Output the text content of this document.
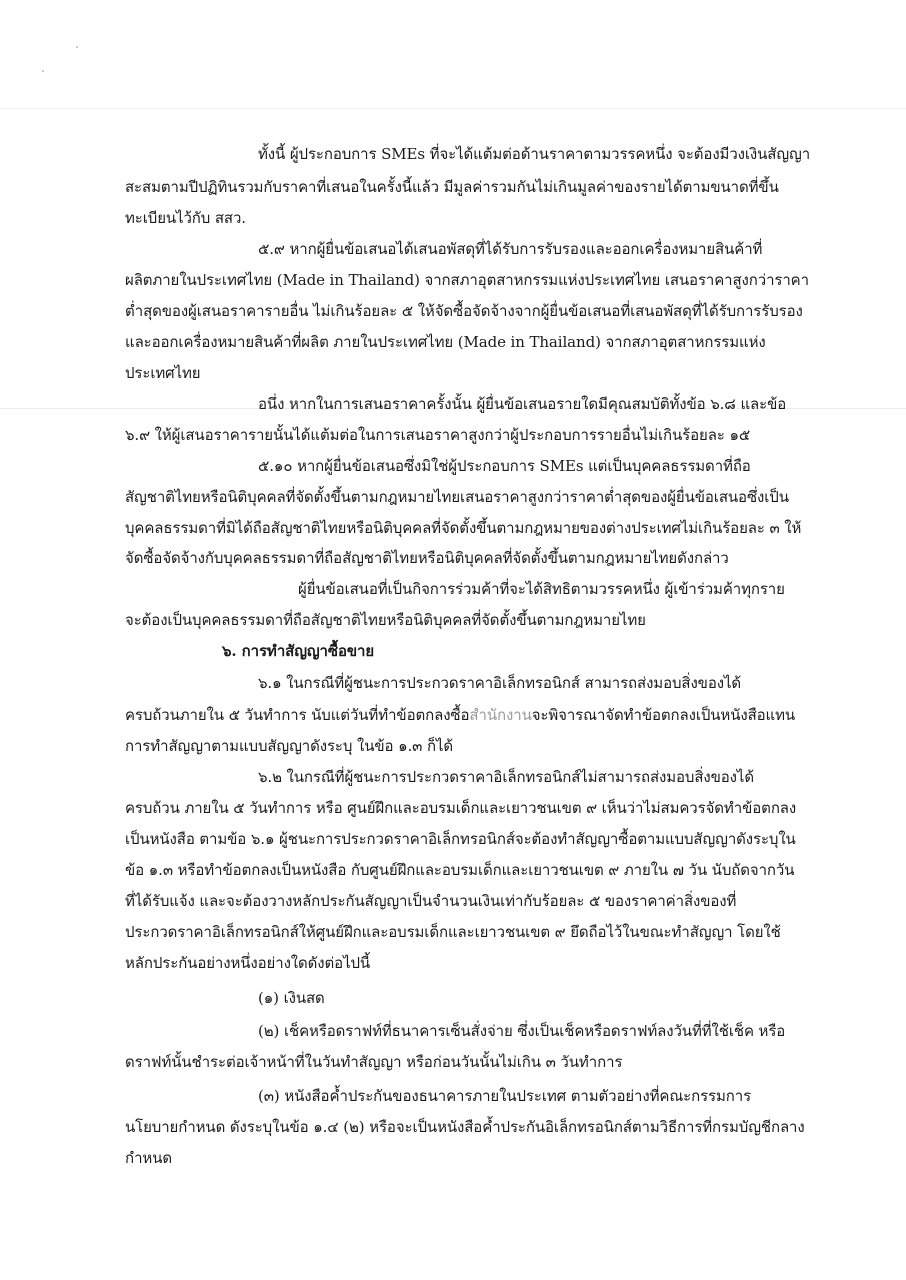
ทั้งนี้ ผู้ประกอบการ SMEs ที่จะได้แต้มต่อด้านราคาตามวรรคหนึ่ง จะต้องมีวงเงินสัญญา
สะสมตามปีปฏิทินรวมกับราคาที่เสนอในครั้งนี้แล้ว มีมูลค่ารวมกันไม่เกินมูลค่าของรายได้ตามขนาดที่ขึ้น
ทะเบียนไว้กับ สสว.
๕.๙ หากผู้ยื่นข้อเสนอได้เสนอพัสดุที่ได้รับการรับรองและออกเครื่องหมายสินค้าที่
ผลิตภายในประเทศไทย (Made in Thailand) จากสภาอุตสาหกรรมแห่งประเทศไทย เสนอราคาสูงกว่าราคา
ต่ำสุดของผู้เสนอราคารายอื่น ไม่เกินร้อยละ ๕ ให้จัดซื้อจัดจ้างจากผู้ยื่นข้อเสนอที่เสนอพัสดุที่ได้รับการรับรอง
และออกเครื่องหมายสินค้าที่ผลิต ภายในประเทศไทย (Made in Thailand) จากสภาอุตสาหกรรมแห่ง
ประเทศไทย
อนึ่ง หากในการเสนอราคาครั้งนั้น ผู้ยื่นข้อเสนอรายใดมีคุณสมบัติทั้งข้อ ๖.๘ และข้อ
๖.๙ ให้ผู้เสนอราคารายนั้นได้แต้มต่อในการเสนอราคาสูงกว่าผู้ประกอบการรายอื่นไม่เกินร้อยละ ๑๕
๕.๑๐ หากผู้ยื่นข้อเสนอซึ่งมิใช่ผู้ประกอบการ SMEs แต่เป็นบุคคลธรรมดาที่ถือ
สัญชาติไทยหรือนิติบุคคลที่จัดตั้งขึ้นตามกฎหมายไทยเสนอราคาสูงกว่าราคาต่ำสุดของผู้ยื่นข้อเสนอซึ่งเป็น
บุคคลธรรมดาที่มิได้ถือสัญชาติไทยหรือนิติบุคคลที่จัดตั้งขึ้นตามกฎหมายของต่างประเทศไม่เกินร้อยละ ๓ ให้
จัดซื้อจัดจ้างกับบุคคลธรรมดาที่ถือสัญชาติไทยหรือนิติบุคคลที่จัดตั้งขึ้นตามกฎหมายไทยดังกล่าว
ผู้ยื่นข้อเสนอที่เป็นกิจการร่วมค้าที่จะได้สิทธิตามวรรคหนึ่ง ผู้เข้าร่วมค้าทุกราย
จะต้องเป็นบุคคลธรรมดาที่ถือสัญชาติไทยหรือนิติบุคคลที่จัดตั้งขึ้นตามกฎหมายไทย
๖. การทำสัญญาซื้อขาย
๖.๑ ในกรณีที่ผู้ชนะการประกวดราคาอิเล็กทรอนิกส์ สามารถส่งมอบสิ่งของได้
ครบถ้วนภายใน ๕ วันทำการ นับแต่วันที่ทำข้อตกลงซื้อสำนักงานจะพิจารณาจัดทำข้อตกลงเป็นหนังสือแทน
การทำสัญญาตามแบบสัญญาดังระบุ ในข้อ ๑.๓ ก็ได้
๖.๒ ในกรณีที่ผู้ชนะการประกวดราคาอิเล็กทรอนิกส์ไม่สามารถส่งมอบสิ่งของได้
ครบถ้วน ภายใน ๕ วันทำการ หรือ ศูนย์ฝึกและอบรมเด็กและเยาวชนเขต ๙ เห็นว่าไม่สมควรจัดทำข้อตกลง
เป็นหนังสือ ตามข้อ ๖.๑ ผู้ชนะการประกวดราคาอิเล็กทรอนิกส์จะต้องทำสัญญาซื้อตามแบบสัญญาดังระบุใน
ข้อ ๑.๓ หรือทำข้อตกลงเป็นหนังสือ กับศูนย์ฝึกและอบรมเด็กและเยาวชนเขต ๙ ภายใน ๗ วัน นับถัดจากวัน
ที่ได้รับแจ้ง และจะต้องวางหลักประกันสัญญาเป็นจำนวนเงินเท่ากับร้อยละ ๕ ของราคาค่าสิ่งของที่
ประกวดราคาอิเล็กทรอนิกส์ให้ศูนย์ฝึกและอบรมเด็กและเยาวชนเขต ๙ ยึดถือไว้ในขณะทำสัญญา โดยใช้
หลักประกันอย่างหนึ่งอย่างใดดังต่อไปนี้
(๑) เงินสด
(๒) เช็คหรือดราฟท์ที่ธนาคารเซ็นสั่งจ่าย ซึ่งเป็นเช็คหรือดราฟท์ลงวันที่ที่ใช้เช็ค หรือ
ดราฟท์นั้นชำระต่อเจ้าหน้าที่ในวันทำสัญญา หรือก่อนวันนั้นไม่เกิน ๓ วันทำการ
(๓) หนังสือค้ำประกันของธนาคารภายในประเทศ ตามตัวอย่างที่คณะกรรมการ
นโยบายกำหนด ดังระบุในข้อ ๑.๔ (๒) หรือจะเป็นหนังสือค้ำประกันอิเล็กทรอนิกส์ตามวิธีการที่กรมบัญชีกลาง
กำหนด
